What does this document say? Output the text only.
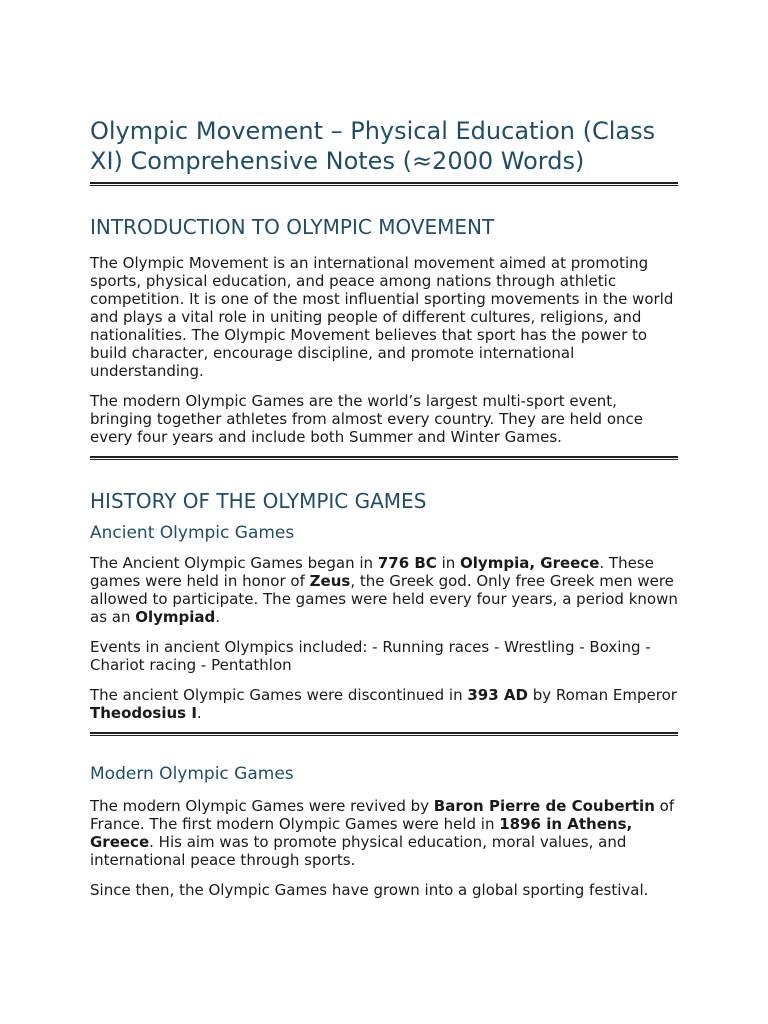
Olympic Movement – Physical Education (Class XI) Comprehensive Notes (≈2000 Words)
INTRODUCTION TO OLYMPIC MOVEMENT

The Olympic Movement is an international movement aimed at promoting sports, physical education, and peace among nations through athletic competition. It is one of the most influential sporting movements in the world and plays a vital role in uniting people of different cultures, religions, and nationalities. The Olympic Movement believes that sport has the power to build character, encourage discipline, and promote international understanding.

The modern Olympic Games are the world’s largest multi-sport event, bringing together athletes from almost every country. They are held once every four years and include both Summer and Winter Games.

HISTORY OF THE OLYMPIC GAMES
Ancient Olympic Games

The Ancient Olympic Games began in 776 BC in Olympia, Greece. These games were held in honor of Zeus, the Greek god. Only free Greek men were allowed to participate. The games were held every four years, a period known as an Olympiad.

Events in ancient Olympics included: - Running races - Wrestling - Boxing - Chariot racing - Pentathlon

The ancient Olympic Games were discontinued in 393 AD by Roman Emperor Theodosius I.

Modern Olympic Games

The modern Olympic Games were revived by Baron Pierre de Coubertin of France. The first modern Olympic Games were held in 1896 in Athens, Greece. His aim was to promote physical education, moral values, and international peace through sports.

Since then, the Olympic Games have grown into a global sporting festival.
